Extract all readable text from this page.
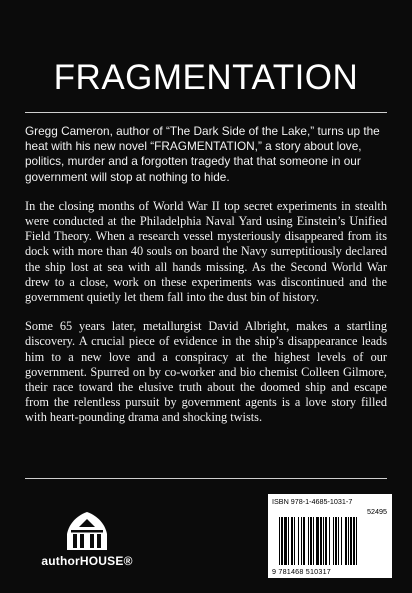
FRAGMENTATION

Gregg Cameron, author of “The Dark Side of the Lake,” turns up the heat with his new novel “FRAGMENTATION,” a story about love, politics, murder and a forgotten tragedy that that someone in our government will stop at nothing to hide.

In the closing months of World War II top secret experiments in stealth were conducted at the Philadelphia Naval Yard using Einstein’s Unified Field Theory. When a research vessel mysteriously disappeared from its dock with more than 40 souls on board the Navy surreptitiously declared the ship lost at sea with all hands missing. As the Second World War drew to a close, work on these experiments was discontinued and the government quietly let them fall into the dust bin of history.

Some 65 years later, metallurgist David Albright, makes a startling discovery. A crucial piece of evidence in the ship’s disappearance leads him to a new love and a conspiracy at the highest levels of our government. Spurred on by co-worker and bio chemist Colleen Gilmore, their race toward the elusive truth about the doomed ship and escape from the relentless pursuit by government agents is a love story filled with heart-pounding drama and shocking twists.

authorHOUSE®
ISBN 978-1-4685-1031-7
52495
9 781468 510317
